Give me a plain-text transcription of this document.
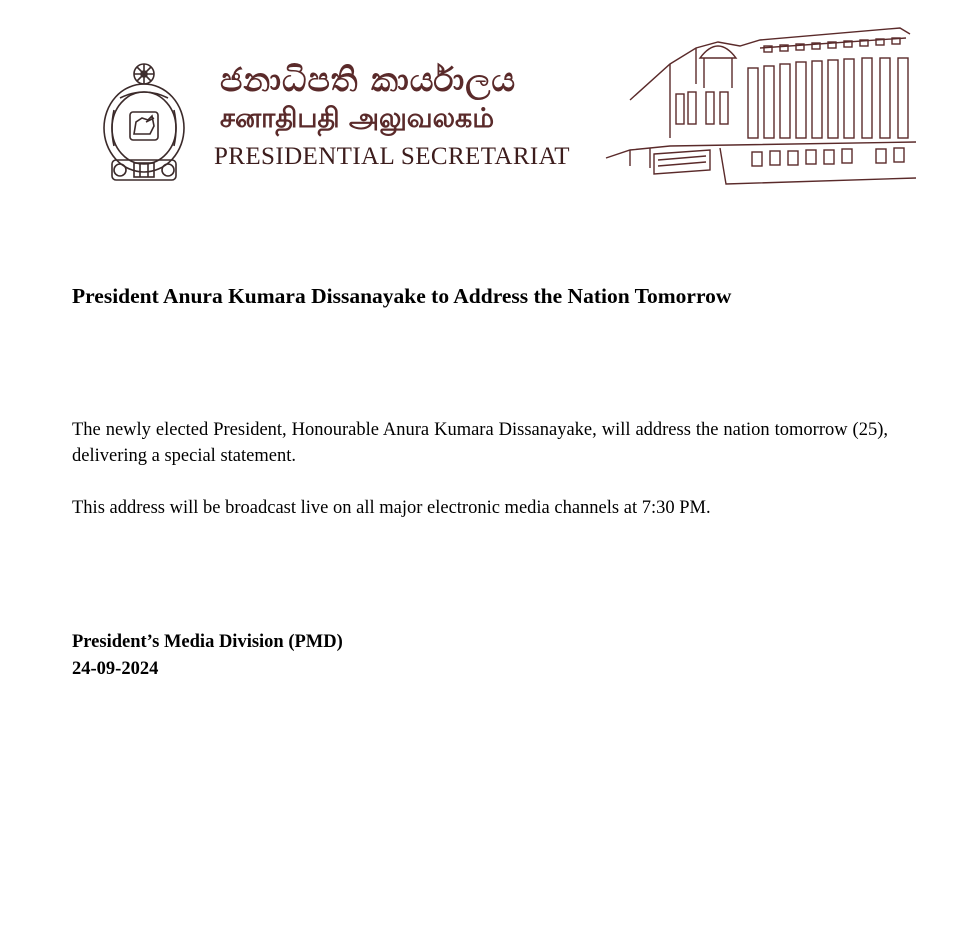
ජනාධිපති කාර්යාලය
சனாதிபதி அலுவலகம்
PRESIDENTIAL SECRETARIAT
President Anura Kumara Dissanayake to Address the Nation Tomorrow

The newly elected President, Honourable Anura Kumara Dissanayake, will address the nation tomorrow (25), delivering a special statement.

This address will be broadcast live on all major electronic media channels at 7:30 PM.

President’s Media Division (PMD)
24-09-2024
